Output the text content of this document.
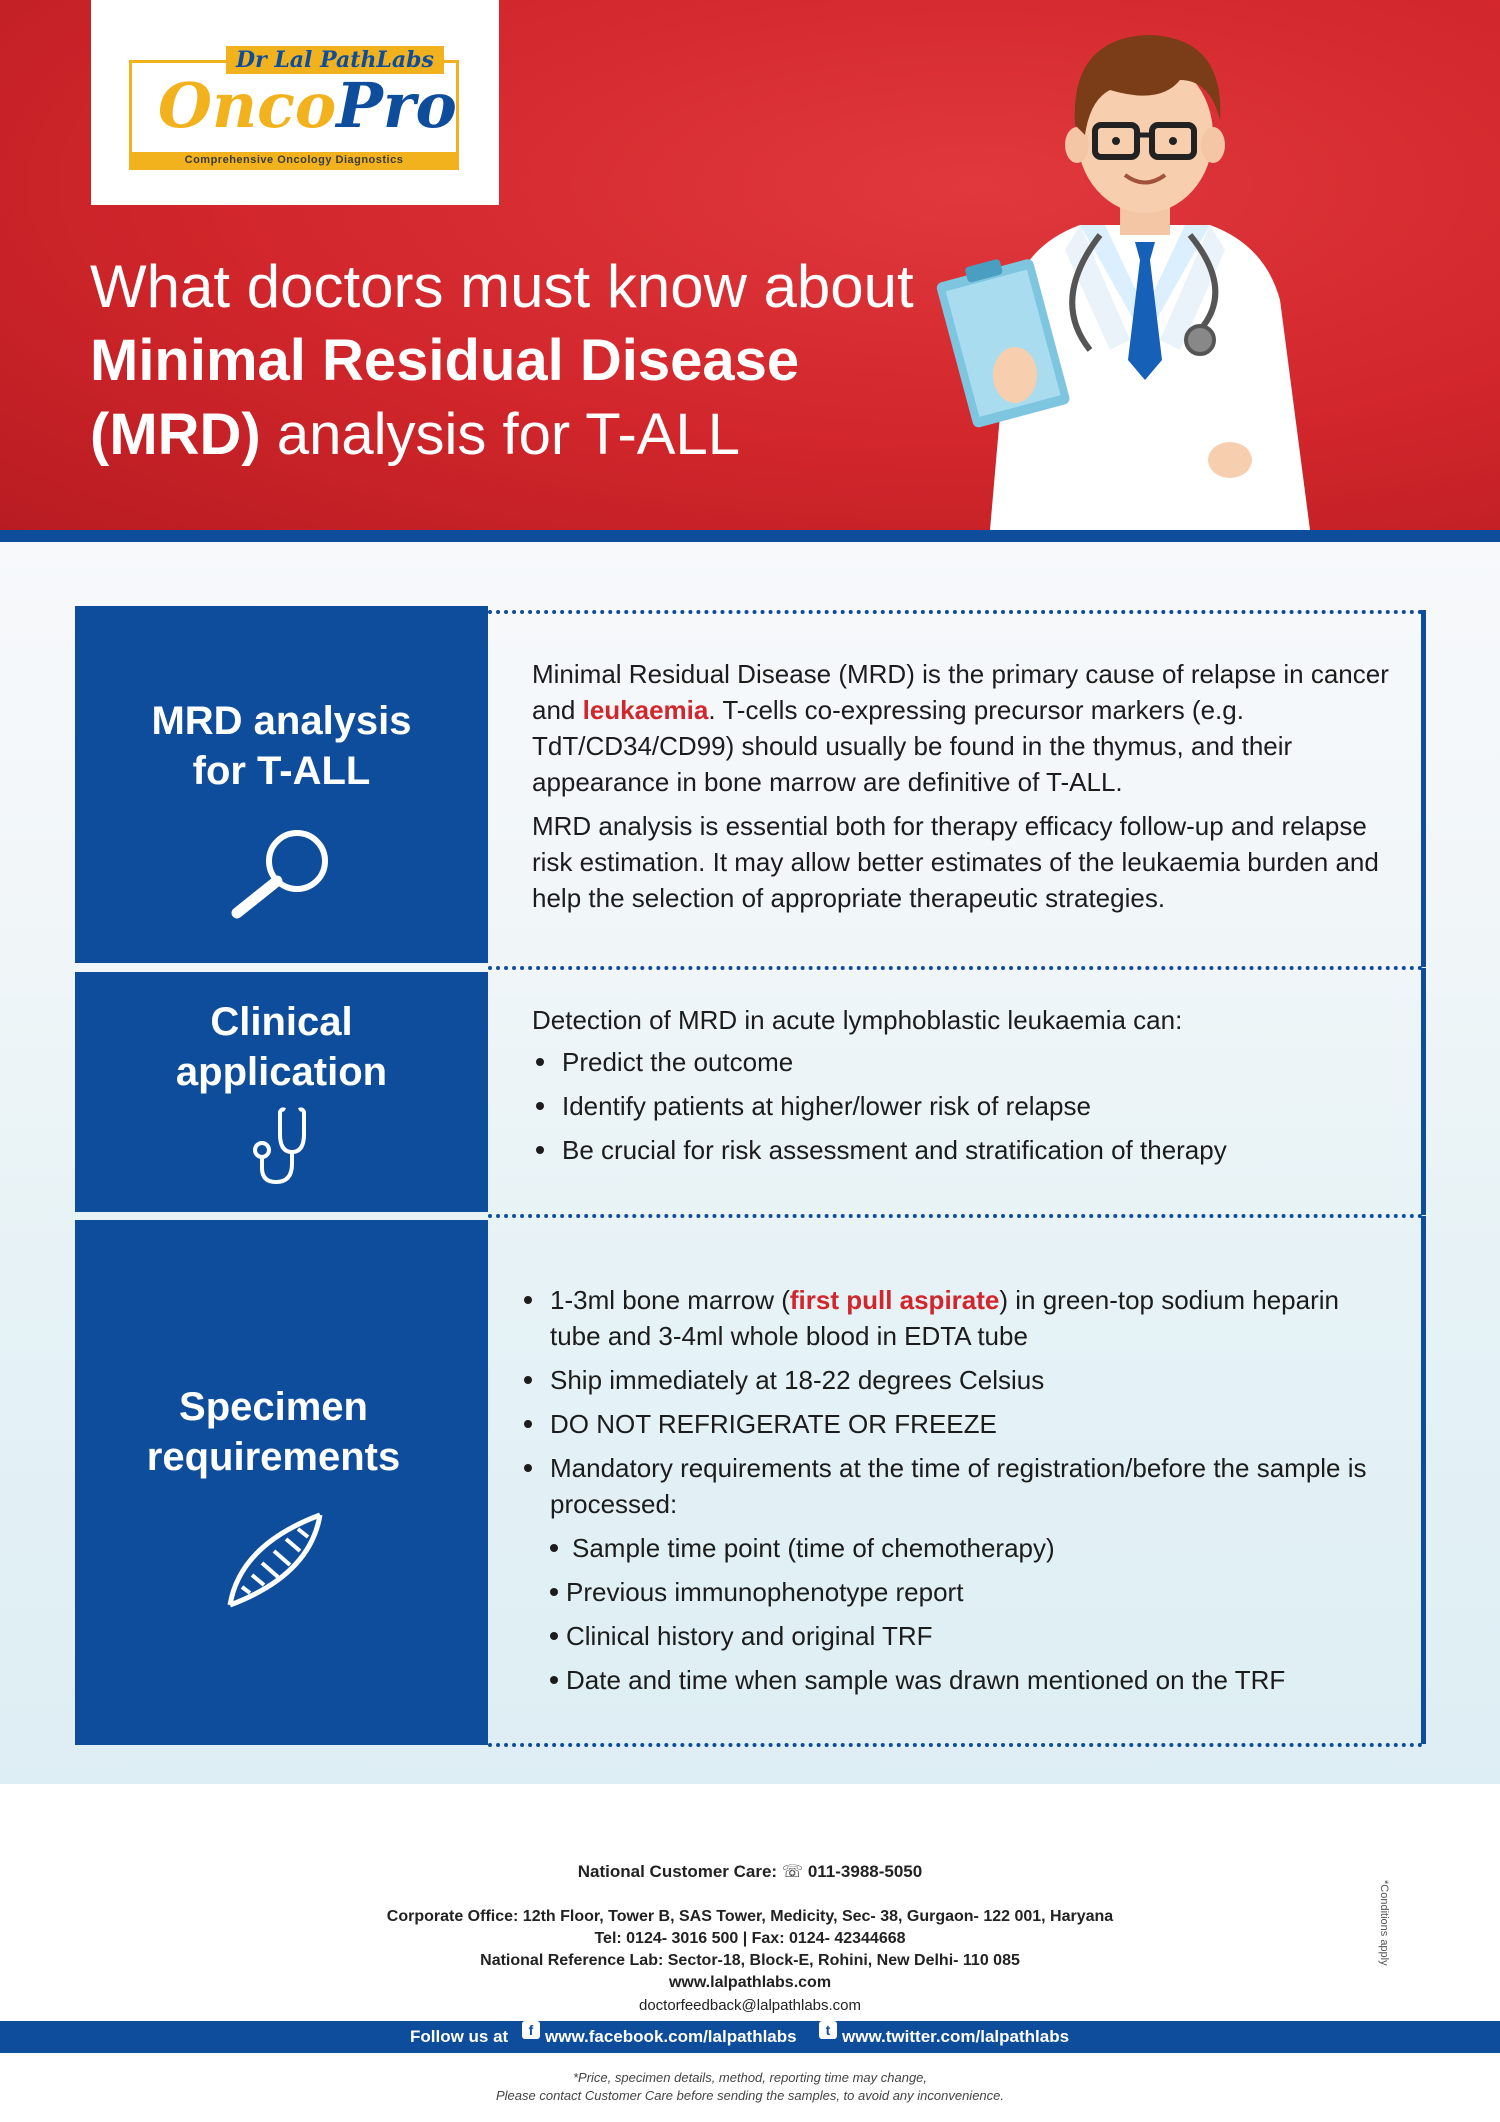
Dr Lal PathLabs
OncoPro
Comprehensive Oncology Diagnostics
What doctors must know about
Minimal Residual Disease
(MRD) analysis for T-ALL
MRD analysis
for T-ALL

Minimal Residual Disease (MRD) is the primary cause of relapse in cancer and leukaemia. T-cells co-expressing precursor markers (e.g. TdT/CD34/CD99) should usually be found in the thymus, and their appearance in bone marrow are definitive of T-ALL.

MRD analysis is essential both for therapy efficacy follow-up and relapse risk estimation. It may allow better estimates of the leukaemia burden and help the selection of appropriate therapeutic strategies.

Clinical
application

Detection of MRD in acute lymphoblastic leukaemia can:

Predict the outcome
Identify patients at higher/lower risk of relapse
Be crucial for risk assessment and stratification of therapy
Specimen
requirements
1-3ml bone marrow (first pull aspirate) in green-top sodium heparin tube and 3-4ml whole blood in EDTA tube
Ship immediately at 18-22 degrees Celsius
DO NOT REFRIGERATE OR FREEZE
Mandatory requirements at the time of registration/before the sample is processed:
Sample time point (time of chemotherapy)
Previous immunophenotype report
Clinical history and original TRF
Date and time when sample was drawn mentioned on the TRF
National Customer Care: ☏ 011-3988-5050
Corporate Office: 12th Floor, Tower B, SAS Tower, Medicity, Sec- 38, Gurgaon- 122 001, Haryana
Tel: 0124- 3016 500 | Fax: 0124- 42344668
National Reference Lab: Sector-18, Block-E, Rohini, New Delhi- 110 085
www.lalpathlabs.com
doctorfeedback@lalpathlabs.com
Follow us at	f www.facebook.com/lalpathlabs	t www.twitter.com/lalpathlabs
*Price, specimen details, method, reporting time may change,
Please contact Customer Care before sending the samples, to avoid any inconvenience.
*Conditions apply
